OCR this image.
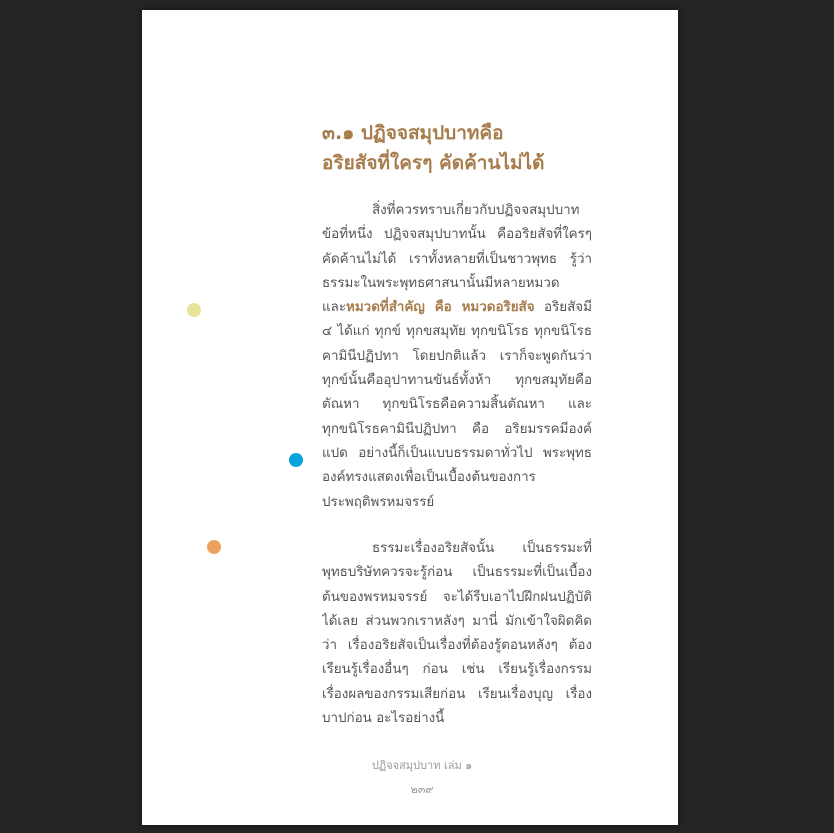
๓.๑ ปฏิจจสมุปบาทคือ
อริยสัจที่ใครๆ คัดค้านไม่ได้
สิ่งที่ควรทราบเกี่ยวกับปฏิจจสมุปบาท
ข้อที่หนึ่ง ปฏิจจสมุปบาทนั้น คืออริยสัจที่ใครๆ
คัดค้านไม่ได้ เราทั้งหลายที่เป็นชาวพุทธ รู้ว่า
ธรรมะในพระพุทธศาสนานั้นมีหลายหมวด
และหมวดที่สำคัญ คือ หมวดอริยสัจ อริยสัจมี
๔ ได้แก่ ทุกข์ ทุกขสมุทัย ทุกขนิโรธ ทุกขนิโรธ
คามินีปฏิปทา โดยปกติแล้ว เราก็จะพูดกันว่า
ทุกข์นั้นคืออุปาทานขันธ์ทั้งห้า ทุกขสมุทัยคือ
ตัณหา ทุกขนิโรธคือความสิ้นตัณหา และ
ทุกขนิโรธคามินีปฏิปทา คือ อริยมรรคมีองค์
แปด อย่างนี้ก็เป็นแบบธรรมดาทั่วไป พระพุทธ
องค์ทรงแสดงเพื่อเป็นเบื้องต้นของการ
ประพฤติพรหมจรรย์
ธรรมะเรื่องอริยสัจนั้น เป็นธรรมะที่
พุทธบริษัทควรจะรู้ก่อน เป็นธรรมะที่เป็นเบื้อง
ต้นของพรหมจรรย์ จะได้รีบเอาไปฝึกฝนปฏิบัติ
ได้เลย ส่วนพวกเราหลังๆ มานี่ มักเข้าใจผิดคิด
ว่า เรื่องอริยสัจเป็นเรื่องที่ต้องรู้ตอนหลังๆ ต้อง
เรียนรู้เรื่องอื่นๆ ก่อน เช่น เรียนรู้เรื่องกรรม
เรื่องผลของกรรมเสียก่อน เรียนเรื่องบุญ เรื่อง
บาปก่อน อะไรอย่างนี้
ปฏิจจสมุปบาท เล่ม ๑
๒๓๙
